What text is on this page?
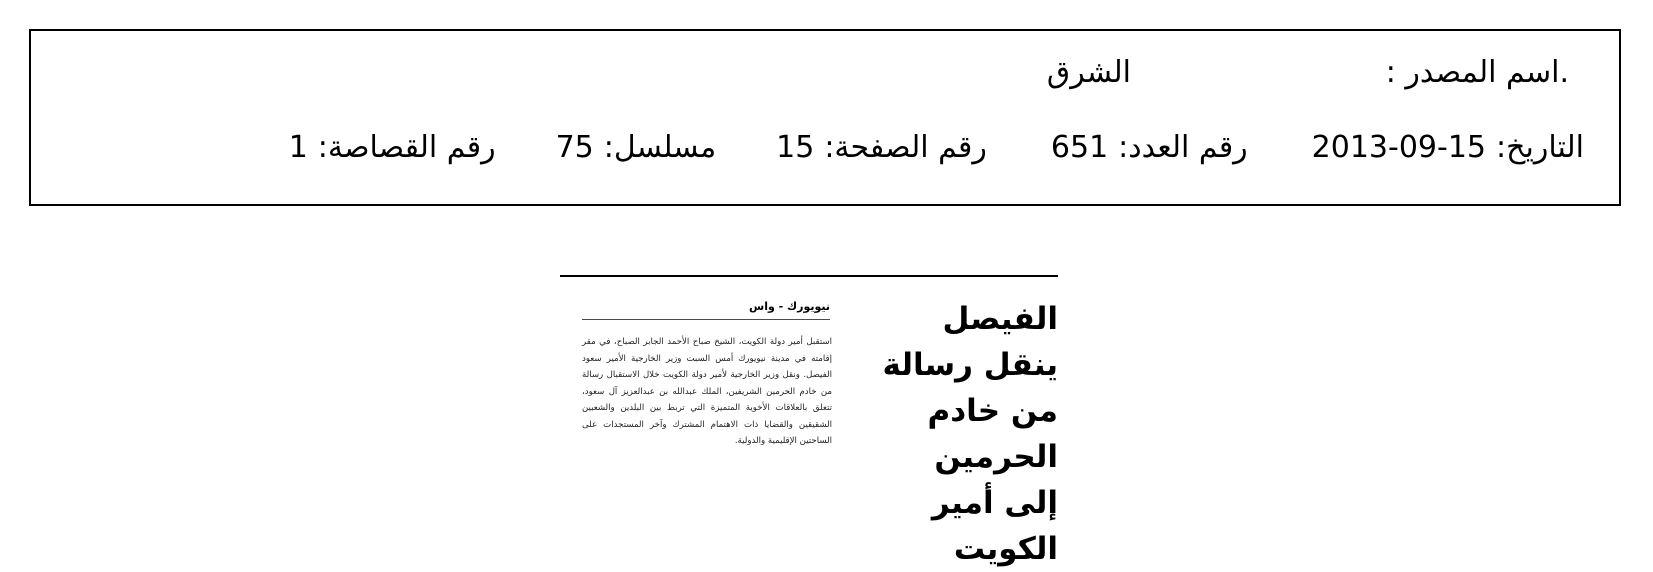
.اسم المصدر :
الشرق
التاريخ:
2013-09-15
رقم العدد:
651
رقم الصفحة:
15
مسلسل:
75
رقم القصاصة:
1
الفيصل ينقل رسالة من خادم الحرمين إلى أمير الكويت
نيويورك - واس
استقبل أمير دولة الكويت، الشيخ صباح الأحمد الجابر الصباح، في مقر إقامته في مدينة نيويورك أمس السبت وزير الخارجية الأمير سعود الفيصل. ونقل وزير الخارجية لأمير دولة الكويت خلال الاستقبال رسالة من خادم الحرمين الشريفين، الملك عبدالله بن عبدالعزيز آل سعود، تتعلق بالعلاقات الأخوية المتميزة التي تربط بين البلدين والشعبين الشقيقين والقضايا ذات الاهتمام المشترك وآخر المستجدات على الساحتين الإقليمية والدولية.
